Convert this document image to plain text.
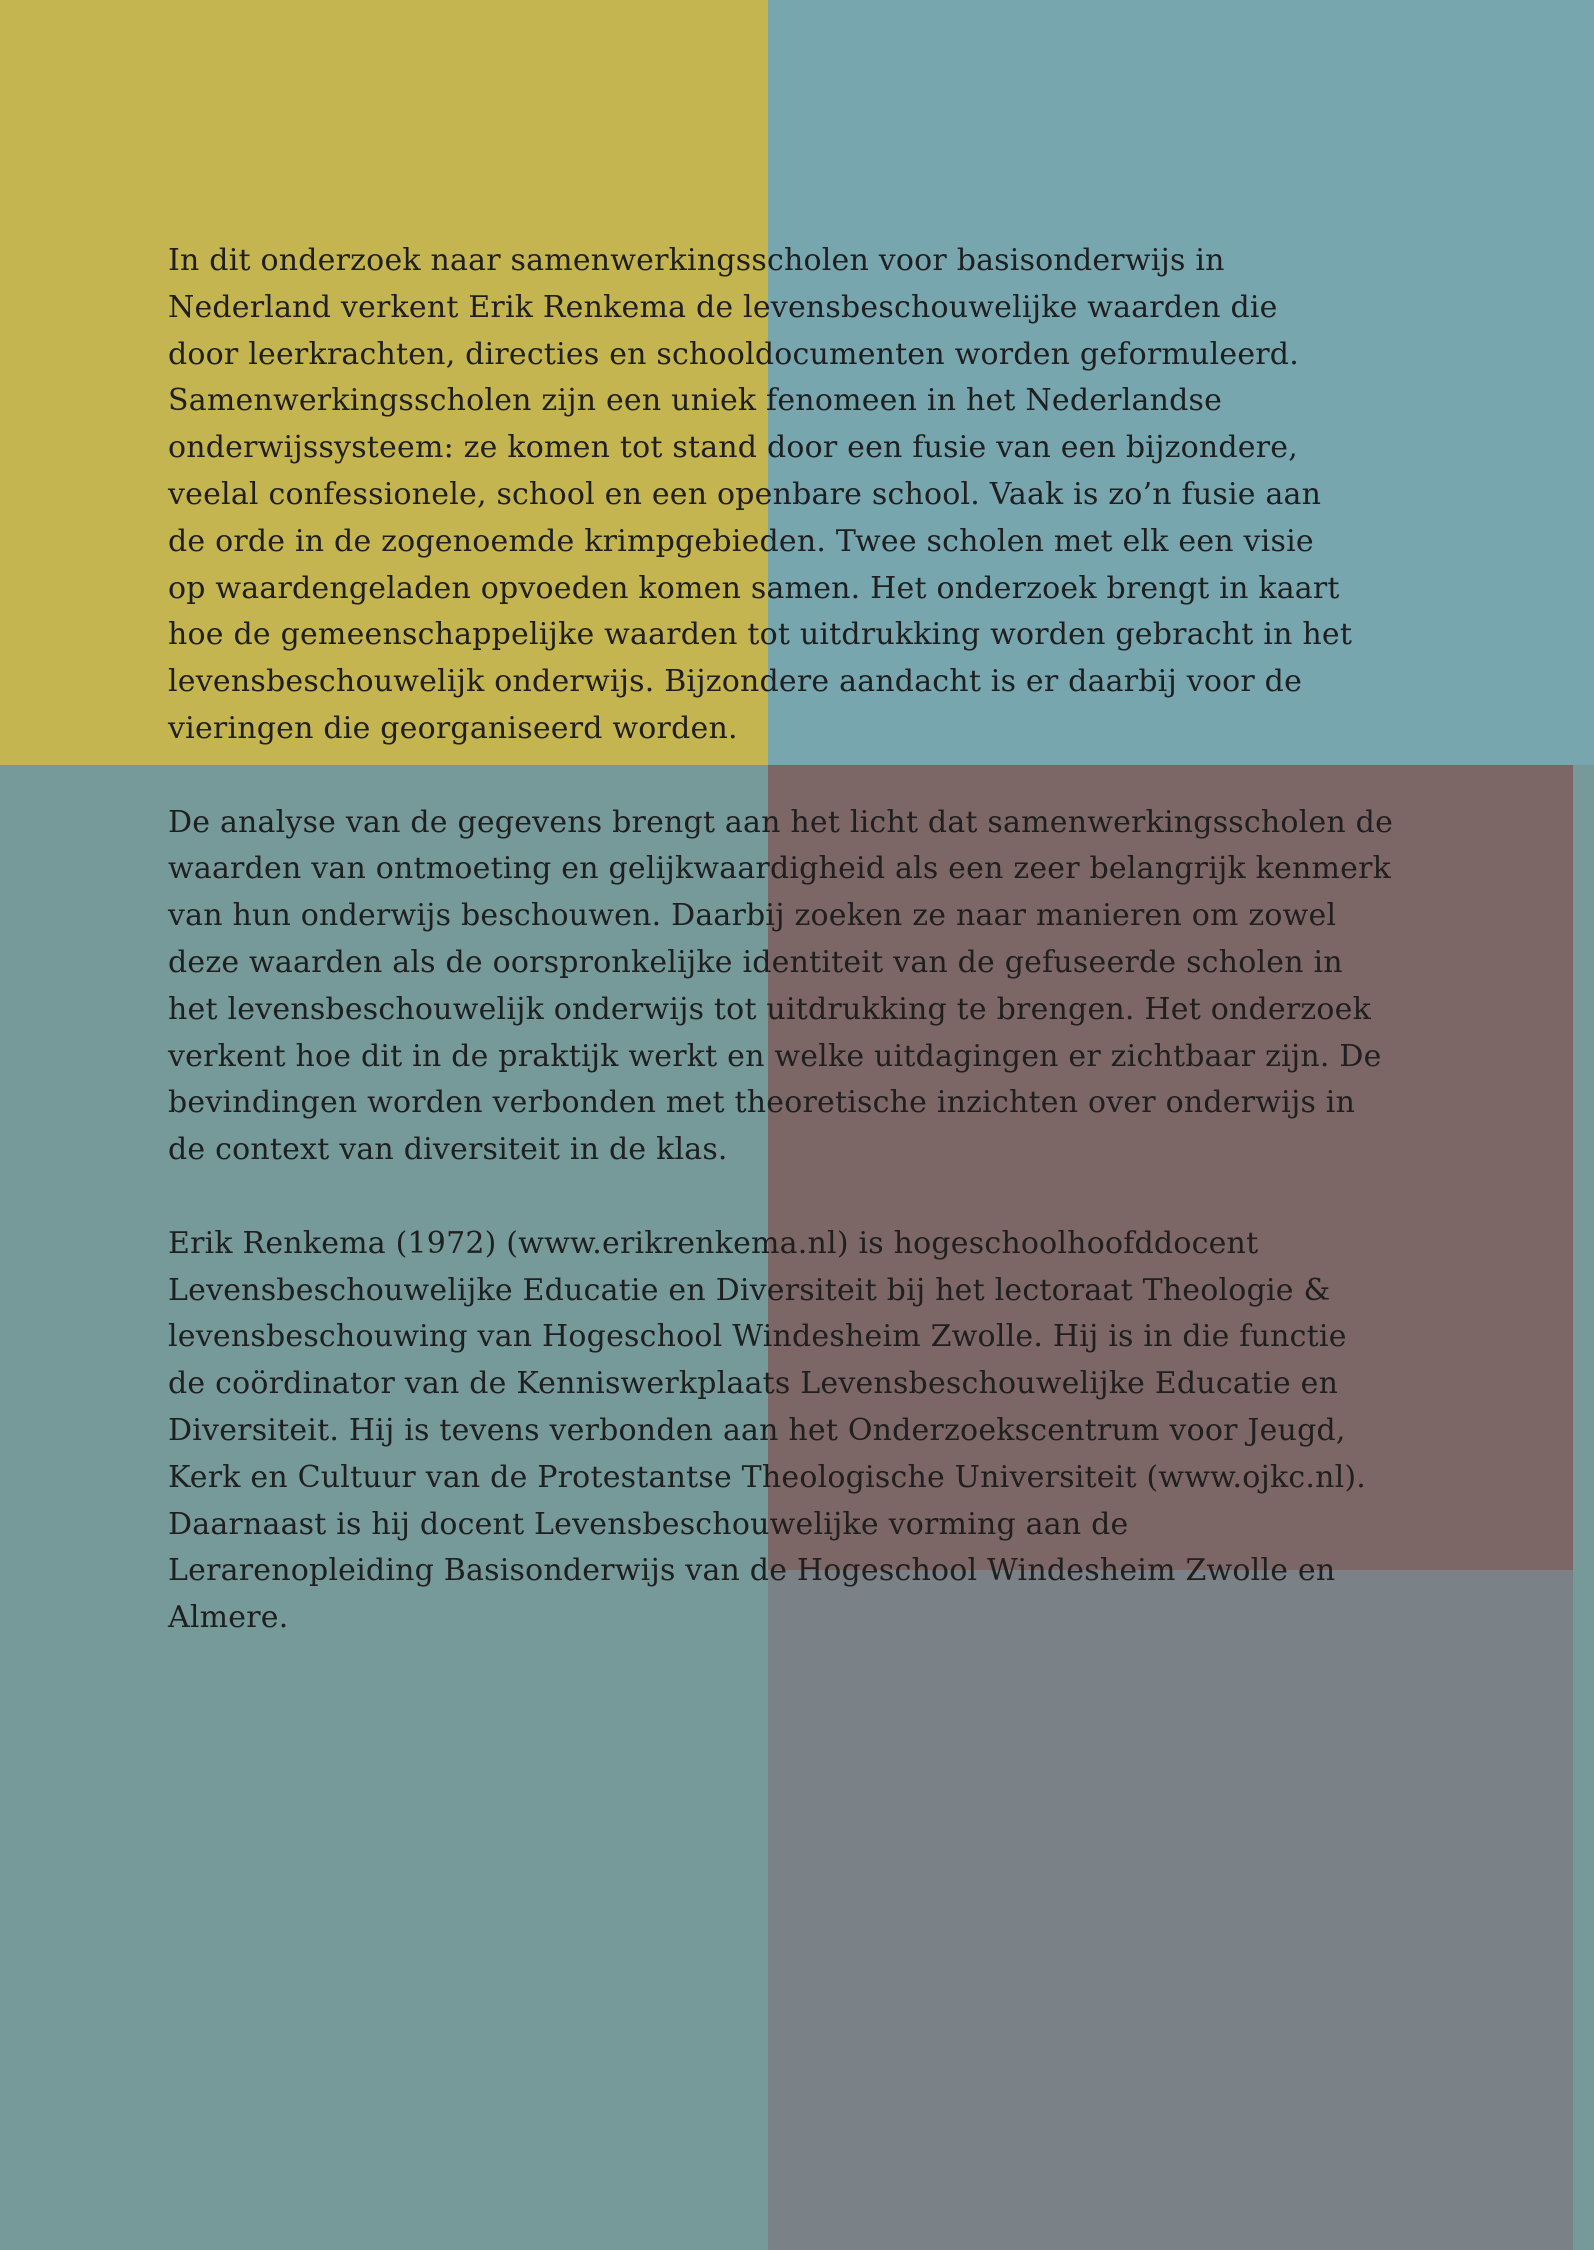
In dit onderzoek naar samenwerkingsscholen voor basisonderwijs in
Nederland verkent Erik Renkema de levensbeschouwelijke waarden die
door leerkrachten, directies en schooldocumenten worden geformuleerd.
Samenwerkingsscholen zijn een uniek fenomeen in het Nederlandse
onderwijssysteem: ze komen tot stand door een fusie van een bijzondere,
veelal confessionele, school en een openbare school. Vaak is zo’n fusie aan
de orde in de zogenoemde krimpgebieden. Twee scholen met elk een visie
op waardengeladen opvoeden komen samen. Het onderzoek brengt in kaart
hoe de gemeenschappelijke waarden tot uitdrukking worden gebracht in het
levensbeschouwelijk onderwijs. Bijzondere aandacht is er daarbij voor de
vieringen die georganiseerd worden.

De analyse van de gegevens brengt aan het licht dat samenwerkingsscholen de
waarden van ontmoeting en gelijkwaardigheid als een zeer belangrijk kenmerk
van hun onderwijs beschouwen. Daarbij zoeken ze naar manieren om zowel
deze waarden als de oorspronkelijke identiteit van de gefuseerde scholen in
het levensbeschouwelijk onderwijs tot uitdrukking te brengen. Het onderzoek
verkent hoe dit in de praktijk werkt en welke uitdagingen er zichtbaar zijn. De
bevindingen worden verbonden met theoretische inzichten over onderwijs in
de context van diversiteit in de klas.

Erik Renkema (1972) (www.erikrenkema.nl) is hogeschoolhoofddocent
Levensbeschouwelijke Educatie en Diversiteit bij het lectoraat Theologie &
levensbeschouwing van Hogeschool Windesheim Zwolle. Hij is in die functie
de coördinator van de Kenniswerkplaats Levensbeschouwelijke Educatie en
Diversiteit. Hij is tevens verbonden aan het Onderzoekscentrum voor Jeugd,
Kerk en Cultuur van de Protestantse Theologische Universiteit (www.ojkc.nl).
Daarnaast is hij docent Levensbeschouwelijke vorming aan de
Lerarenopleiding Basisonderwijs van de Hogeschool Windesheim Zwolle en
Almere.
